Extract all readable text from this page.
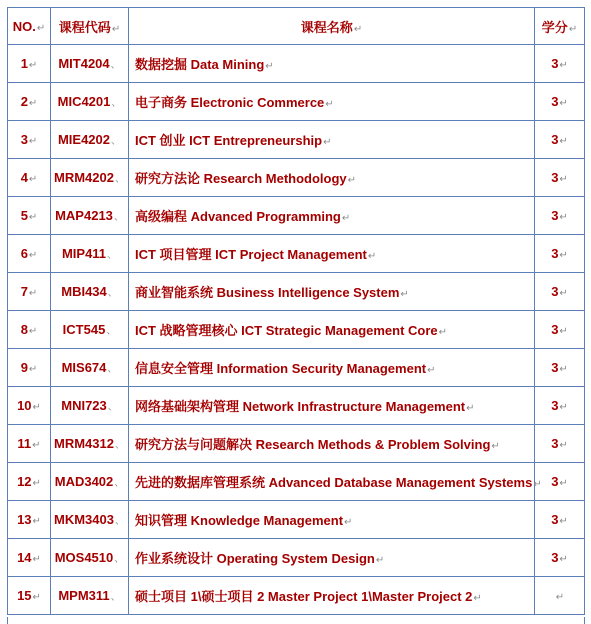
NO.↵	课程代码↵	课程名称↵	学分↵
1↵	MIT4204、	数据挖掘 Data Mining↵	3↵
2↵	MIC4201、	电子商务 Electronic Commerce↵	3↵
3↵	MIE4202、	ICT 创业 ICT Entrepreneurship↵	3↵
4↵	MRM4202、	研究方法论 Research Methodology↵	3↵
5↵	MAP4213、	高级编程 Advanced Programming↵	3↵
6↵	MIP411、	ICT 项目管理 ICT Project Management↵	3↵
7↵	MBI434、	商业智能系统 Business Intelligence System↵	3↵
8↵	ICT545、	ICT 战略管理核心 ICT Strategic Management Core↵	3↵
9↵	MIS674、	信息安全管理 Information Security Management↵	3↵
10↵	MNI723、	网络基础架构管理 Network Infrastructure Management↵	3↵
11↵	MRM4312、	研究方法与问题解决 Research Methods & Problem Solving↵	3↵
12↵	MAD3402、	先进的数据库管理系统 Advanced Database Management Systems↵	3↵
13↵	MKM3403、	知识管理 Knowledge Management↵	3↵
14↵	MOS4510、	作业系统设计 Operating System Design↵	3↵
15↵	MPM311、	硕士项目 1\硕士项目 2 Master Project 1\Master Project 2↵	↵
